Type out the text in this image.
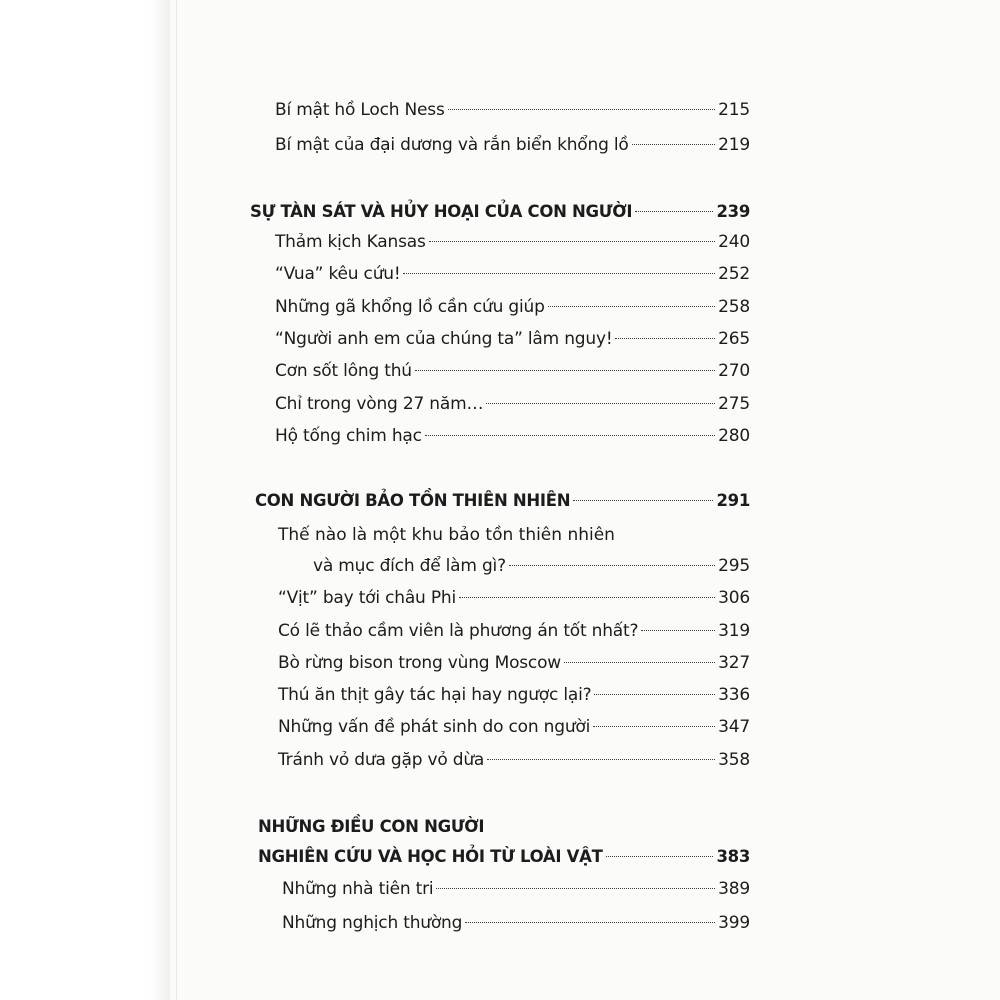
Bí mật hồ Loch Ness	215
Bí mật của đại dương và rắn biển khổng lồ	219
SỰ TÀN SÁT VÀ HỦY HOẠI CỦA CON NGƯỜI	239
Thảm kịch Kansas	240
“Vua” kêu cứu!	252
Những gã khổng lồ cần cứu giúp	258
“Người anh em của chúng ta” lâm nguy!	265
Cơn sốt lông thú	270
Chỉ trong vòng 27 năm…	275
Hộ tống chim hạc	280
CON NGƯỜI BẢO TỒN THIÊN NHIÊN	291
Thế nào là một khu bảo tồn thiên nhiên
và mục đích để làm gì?	295
“Vịt” bay tới châu Phi	306
Có lẽ thảo cầm viên là phương án tốt nhất?	319
Bò rừng bison trong vùng Moscow	327
Thú ăn thịt gây tác hại hay ngược lại?	336
Những vấn đề phát sinh do con người	347
Tránh vỏ dưa gặp vỏ dừa	358
NHỮNG ĐIỀU CON NGƯỜI
NGHIÊN CỨU VÀ HỌC HỎI TỪ LOÀI VẬT	383
Những nhà tiên tri	389
Những nghịch thường	399
